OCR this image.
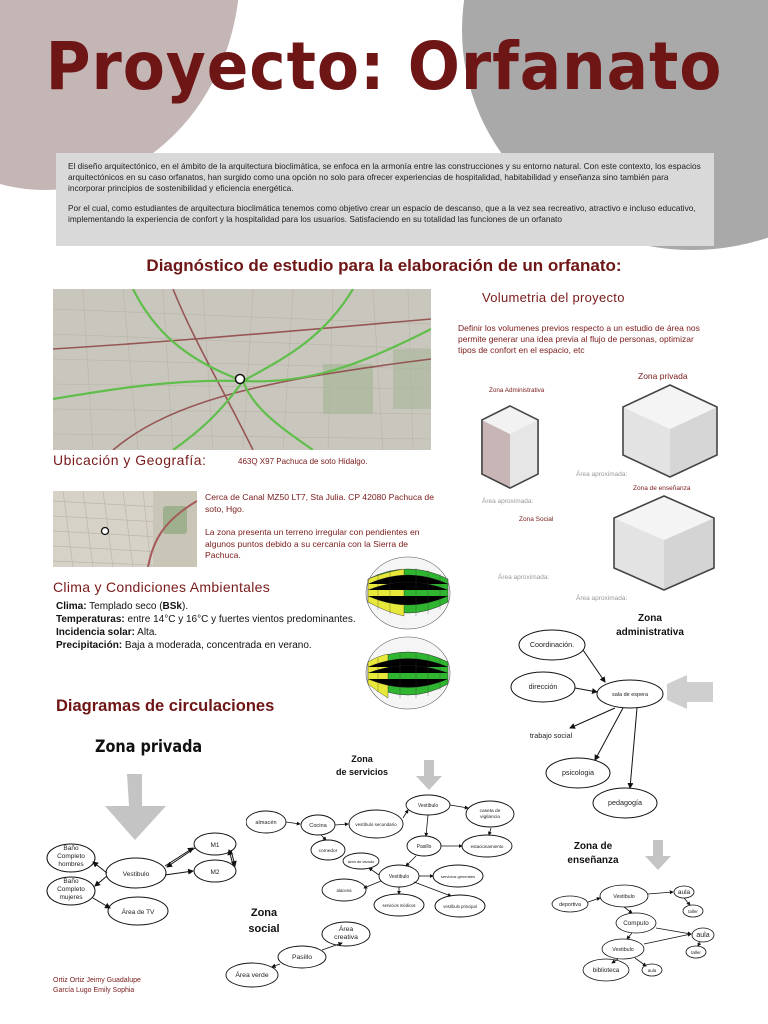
Proyecto: Orfanato

El diseño arquitectónico, en el ámbito de la arquitectura bioclimática, se enfoca en la armonía entre las construcciones y su entorno natural. Con este contexto, los espacios arquitectónicos en su caso orfanatos, han surgido como una opción no solo para ofrecer experiencias de hospitalidad, habitabilidad y enseñanza sino también para incorporar principios de sostenibilidad y eficiencia energética.

Por el cual, como estudiantes de arquitectura bioclimática tenemos como objetivo crear un espacio de descanso, que a la vez sea recreativo, atractivo e incluso educativo, implementando la experiencia de confort y la hospitalidad para los usuarios. Satisfaciendo en su totalidad las funciones de un orfanato

Diagnóstico de estudio para la elaboración de un orfanato:
Ubicación y Geografía:	463Q X97 Pachuca de soto Hidalgo.

Cerca de Canal MZ50 LT7, Sta Julia. CP 42080 Pachuca de soto, Hgo.

La zona presenta un terreno irregular con pendientes en algunos puntos debido a su cercanía con la Sierra de Pachuca.

Clima y Condiciones Ambientales
Clima: Templado seco (BSk).
Temperaturas: entre 14°C y 16°C y fuertes vientos predominantes.
Incidencia solar: Alta.
Precipitación: Baja a moderada, concentrada en verano.
Diagramas de circulaciones
Volumetria del proyecto
Definir los volumenes previos respecto a un estudio de área nos permite generar una idea previa al flujo de personas, optimizar tipos de confort en el espacio, etc
Zona privada
Zona Administrativa
Área aproximada:
Zona de enseñanza
Área aproximada:
Zona Social
Área aproximada:
Área aproximada:
Zona
administrativa
Coordinación.
dirección
sala de espera
trabajo social
psicologia
pedagogía
Zona privada
Baño Completo hombres
Baño Completo mujeres
Vestibulo
M1
M2
Área de TV
Zona
de servicios
almacén	Cocina
comedor
vestíbulo secundario
Vestibulo
caseta de vigilancia
Pasillo	estacionamiento
área de lavado
Vestibulo	servicios generales
alacena
servicios médicos	vestíbulo principal
Zona
social	Área creativa
Pasillo
Área verde
Zona de
enseñanza
deportiva
Vestibulo
aula
taller
Computo
aula
Vestibulo	taller
biblioteca	aula
Ortiz Ortiz Jeimy Guadalupe
García Lugo Emily Sophia
